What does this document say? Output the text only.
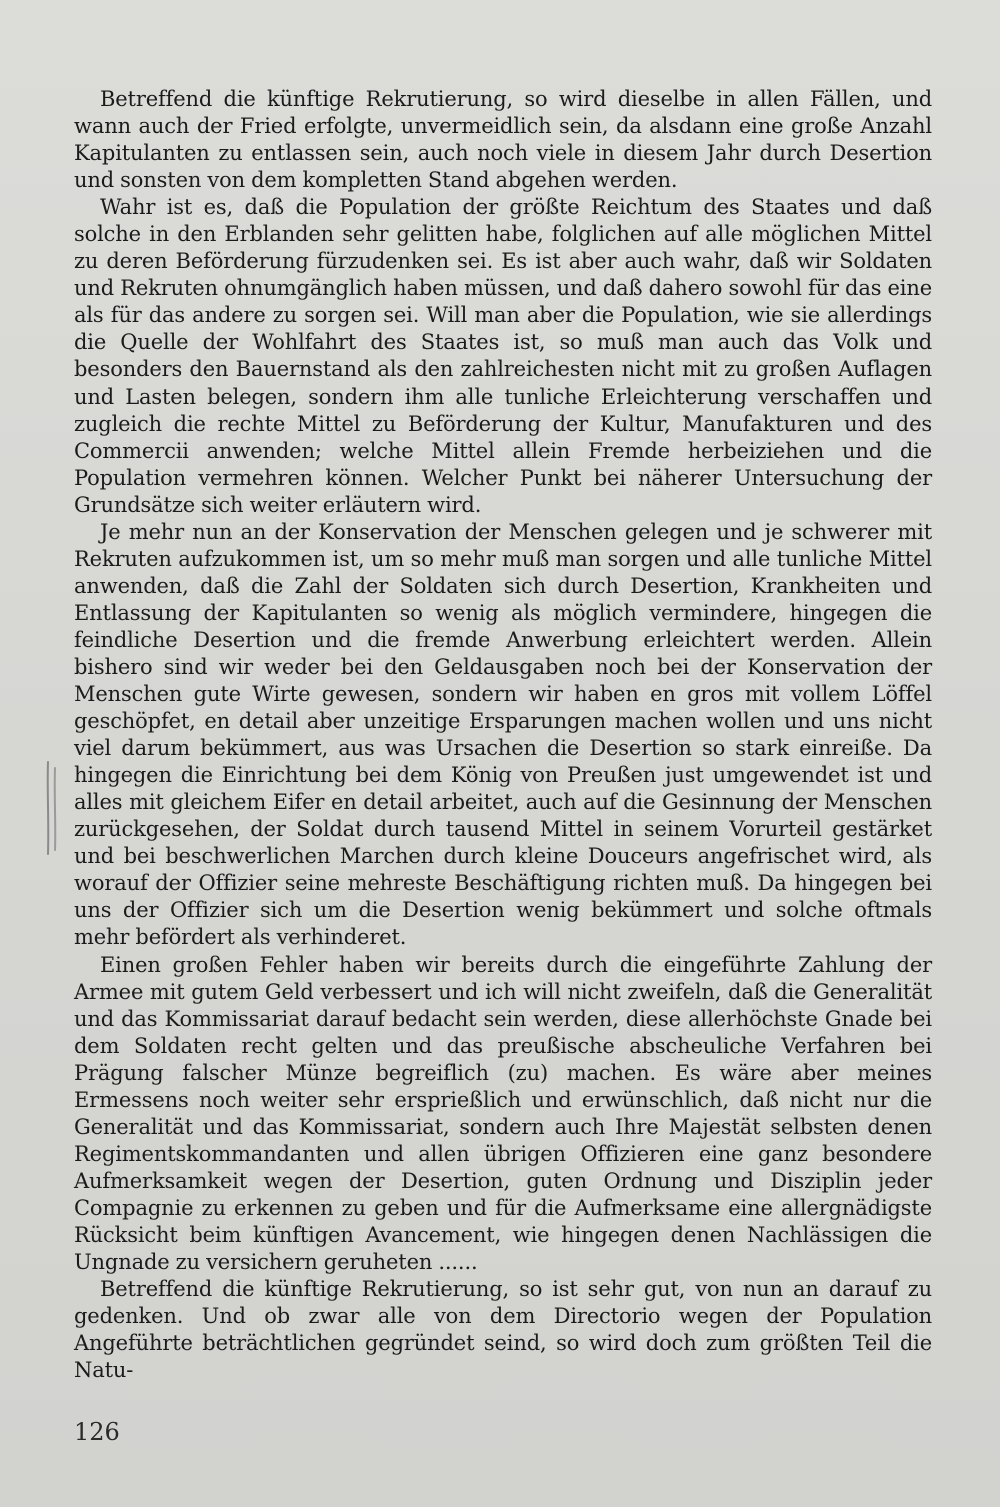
Betreffend die künftige Rekrutierung, so wird dieselbe in allen Fällen, und wann auch der Fried erfolgte, unvermeidlich sein, da alsdann eine große Anzahl Kapitulanten zu entlassen sein, auch noch viele in diesem Jahr durch Desertion und sonsten von dem kompletten Stand abgehen werden.

Wahr ist es, daß die Population der größte Reichtum des Staates und daß solche in den Erblanden sehr gelitten habe, folglichen auf alle möglichen Mittel zu deren Beförderung fürzudenken sei. Es ist aber auch wahr, daß wir Soldaten und Rekruten ohnumgänglich haben müssen, und daß dahero sowohl für das eine als für das andere zu sorgen sei. Will man aber die Population, wie sie allerdings die Quelle der Wohlfahrt des Staates ist, so muß man auch das Volk und besonders den Bauernstand als den zahlreichesten nicht mit zu großen Auflagen und Lasten belegen, sondern ihm alle tunliche Erleichterung verschaffen und zugleich die rechte Mittel zu Beförderung der Kultur, Manufakturen und des Commercii anwenden; welche Mittel allein Fremde herbeiziehen und die Population vermehren können. Welcher Punkt bei näherer Untersuchung der Grundsätze sich weiter erläutern wird.

Je mehr nun an der Konservation der Menschen gelegen und je schwerer mit Rekruten aufzukommen ist, um so mehr muß man sorgen und alle tunliche Mittel anwenden, daß die Zahl der Soldaten sich durch Desertion, Krankheiten und Entlassung der Kapitulanten so wenig als möglich vermindere, hingegen die feindliche Desertion und die fremde Anwerbung erleichtert werden. Allein bishero sind wir weder bei den Geldausgaben noch bei der Konservation der Menschen gute Wirte gewesen, sondern wir haben en gros mit vollem Löffel geschöpfet, en detail aber unzeitige Ersparungen machen wollen und uns nicht viel darum bekümmert, aus was Ursachen die Desertion so stark einreiße. Da hingegen die Einrichtung bei dem König von Preußen just umgewendet ist und alles mit gleichem Eifer en detail arbeitet, auch auf die Gesinnung der Menschen zurückgesehen, der Soldat durch tausend Mittel in seinem Vorurteil gestärket und bei beschwerlichen Marchen durch kleine Douceurs angefrischet wird, als worauf der Offizier seine mehreste Beschäftigung richten muß. Da hingegen bei uns der Offizier sich um die Desertion wenig bekümmert und solche oftmals mehr befördert als verhinderet.

Einen großen Fehler haben wir bereits durch die eingeführte Zahlung der Armee mit gutem Geld verbessert und ich will nicht zweifeln, daß die Generalität und das Kommissariat darauf bedacht sein werden, diese allerhöchste Gnade bei dem Soldaten recht gelten und das preußische abscheuliche Verfahren bei Prägung falscher Münze begreiflich (zu) machen. Es wäre aber meines Ermessens noch weiter sehr ersprießlich und erwünschlich, daß nicht nur die Generalität und das Kommissariat, sondern auch Ihre Majestät selbsten denen Regimentskommandanten und allen übrigen Offizieren eine ganz besondere Aufmerksamkeit wegen der Desertion, guten Ordnung und Disziplin jeder Compagnie zu erkennen zu geben und für die Aufmerksame eine allergnädigste Rücksicht beim künftigen Avancement, wie hingegen denen Nachlässigen die Ungnade zu versichern geruheten ......

Betreffend die künftige Rekrutierung, so ist sehr gut, von nun an darauf zu gedenken. Und ob zwar alle von dem Directorio wegen der Population Angeführte beträchtlichen gegründet seind, so wird doch zum größten Teil die Natu-

126
